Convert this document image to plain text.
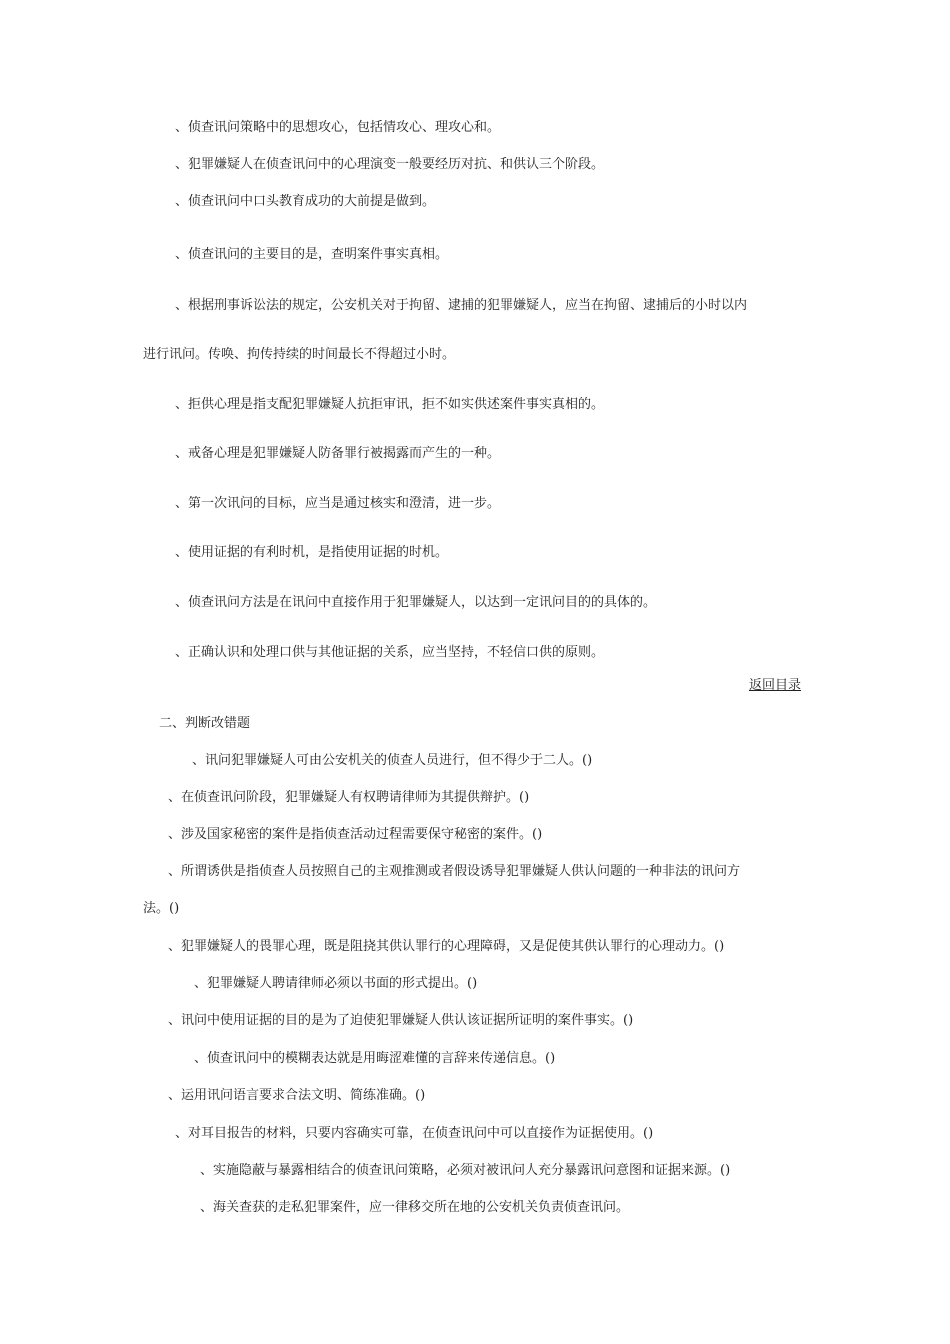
、侦查讯问策略中的思想攻心，包括情攻心、理攻心和。
、犯罪嫌疑人在侦查讯问中的心理演变一般要经历对抗、和供认三个阶段。
、侦查讯问中口头教育成功的大前提是做到。
、侦查讯问的主要目的是，查明案件事实真相。
、根据刑事诉讼法的规定，公安机关对于拘留、逮捕的犯罪嫌疑人，应当在拘留、逮捕后的小时以内
进行讯问。传唤、拘传持续的时间最长不得超过小时。
、拒供心理是指支配犯罪嫌疑人抗拒审讯，拒不如实供述案件事实真相的。
、戒备心理是犯罪嫌疑人防备罪行被揭露而产生的一种。
、第一次讯问的目标，应当是通过核实和澄清，进一步。
、使用证据的有利时机，是指使用证据的时机。
、侦查讯问方法是在讯问中直接作用于犯罪嫌疑人，以达到一定讯问目的的具体的。
、正确认识和处理口供与其他证据的关系，应当坚持，不轻信口供的原则。
返回目录
二、判断改错题
、讯问犯罪嫌疑人可由公安机关的侦查人员进行，但不得少于二人。()
、在侦查讯问阶段，犯罪嫌疑人有权聘请律师为其提供辩护。()
、涉及国家秘密的案件是指侦查活动过程需要保守秘密的案件。()
、所谓诱供是指侦查人员按照自己的主观推测或者假设诱导犯罪嫌疑人供认问题的一种非法的讯问方
法。()
、犯罪嫌疑人的畏罪心理，既是阻挠其供认罪行的心理障碍，又是促使其供认罪行的心理动力。()
、犯罪嫌疑人聘请律师必须以书面的形式提出。()
、讯问中使用证据的目的是为了迫使犯罪嫌疑人供认该证据所证明的案件事实。()
、侦查讯问中的模糊表达就是用晦涩难懂的言辞来传递信息。()
、运用讯问语言要求合法文明、简练准确。()
、对耳目报告的材料，只要内容确实可靠，在侦查讯问中可以直接作为证据使用。()
、实施隐蔽与暴露相结合的侦查讯问策略，必须对被讯问人充分暴露讯问意图和证据来源。()
、海关查获的走私犯罪案件，应一律移交所在地的公安机关负责侦查讯问。
